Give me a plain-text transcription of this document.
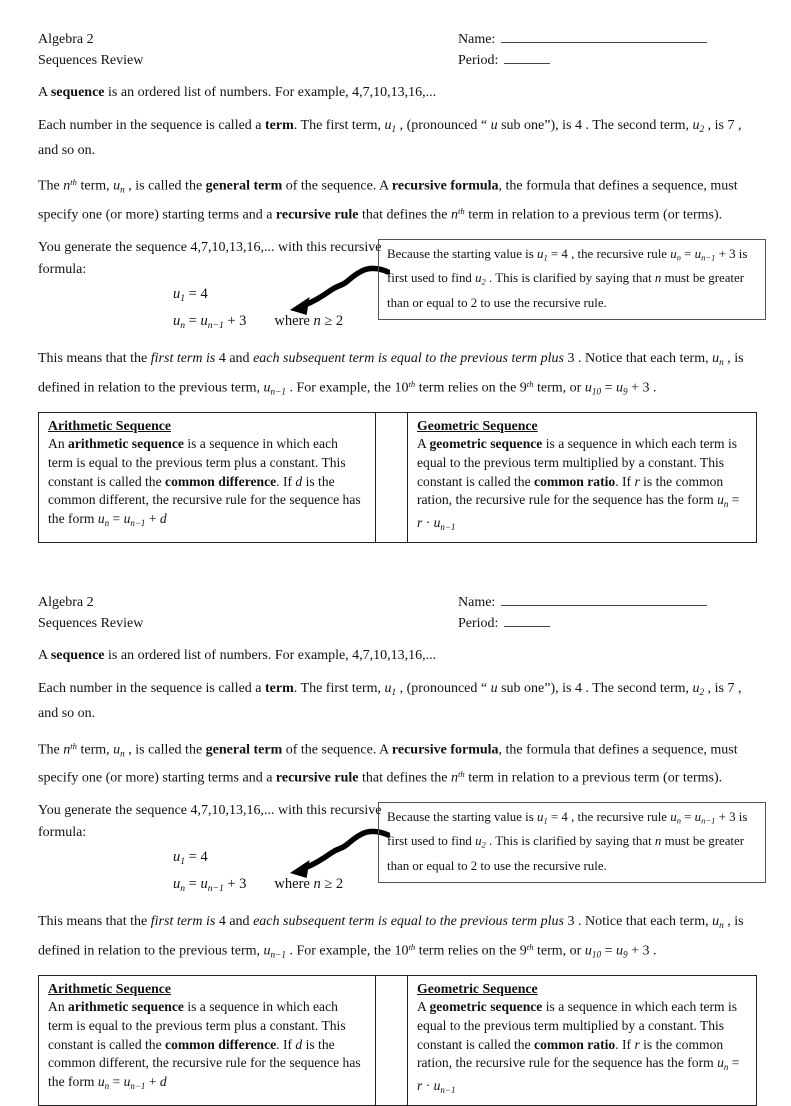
Algebra 2
Sequences Review
Name:
Period:

A sequence is an ordered list of numbers. For example, 4,7,10,13,16,...

Each number in the sequence is called a term. The first term, $u_1$ , (pronounced “ u sub one”), is 4 . The second term, $u_2$ , is 7 , and so on.

The $n^{th}$ term, $u_n$ , is called the general term of the sequence. A recursive formula, the formula that defines a sequence, must specify one (or more) starting terms and a recursive rule that defines the $n^{th}$ term in relation to a previous term (or terms).

You generate the sequence 4,7,10,13,16,... with this recursive formula:

$u_1 = 4$
$u_n = u_{n-1} + 3$ where n ≥ 2
Because the starting value is $u_1 = 4$ , the recursive rule $u_n = u_{n-1} + 3$ is first used to find $u_2$ . This is clarified by saying that n must be greater than or equal to 2 to use the recursive rule.

This means that the first term is 4 and each subsequent term is equal to the previous term plus 3 . Notice that each term, $u_n$ , is defined in relation to the previous term, $u_{n-1}$ . For example, the 10th term relies on the 9th term, or $u_{10} = u_9 + 3$ .

Arithmetic Sequence
An arithmetic sequence is a sequence in which each term is equal to the previous term plus a constant. This constant is called the common difference. If d is the common different, the recursive rule for the sequence has the form $u_n = u_{n-1} + d$
Geometric Sequence
A geometric sequence is a sequence in which each term is equal to the previous term multiplied by a constant. This constant is called the common ratio. If r is the common ration, the recursive rule for the sequence has the form $u_n = r \cdot u_{n-1}$
Algebra 2
Sequences Review
Name:
Period:

A sequence is an ordered list of numbers. For example, 4,7,10,13,16,...

Each number in the sequence is called a term. The first term, $u_1$ , (pronounced “ u sub one”), is 4 . The second term, $u_2$ , is 7 , and so on.

The $n^{th}$ term, $u_n$ , is called the general term of the sequence. A recursive formula, the formula that defines a sequence, must specify one (or more) starting terms and a recursive rule that defines the $n^{th}$ term in relation to a previous term (or terms).

You generate the sequence 4,7,10,13,16,... with this recursive formula:

$u_1 = 4$
$u_n = u_{n-1} + 3$ where n ≥ 2
Because the starting value is $u_1 = 4$ , the recursive rule $u_n = u_{n-1} + 3$ is first used to find $u_2$ . This is clarified by saying that n must be greater than or equal to 2 to use the recursive rule.

This means that the first term is 4 and each subsequent term is equal to the previous term plus 3 . Notice that each term, $u_n$ , is defined in relation to the previous term, $u_{n-1}$ . For example, the 10th term relies on the 9th term, or $u_{10} = u_9 + 3$ .

Arithmetic Sequence
An arithmetic sequence is a sequence in which each term is equal to the previous term plus a constant. This constant is called the common difference. If d is the common different, the recursive rule for the sequence has the form $u_n = u_{n-1} + d$
Geometric Sequence
A geometric sequence is a sequence in which each term is equal to the previous term multiplied by a constant. This constant is called the common ratio. If r is the common ration, the recursive rule for the sequence has the form $u_n = r \cdot u_{n-1}$
